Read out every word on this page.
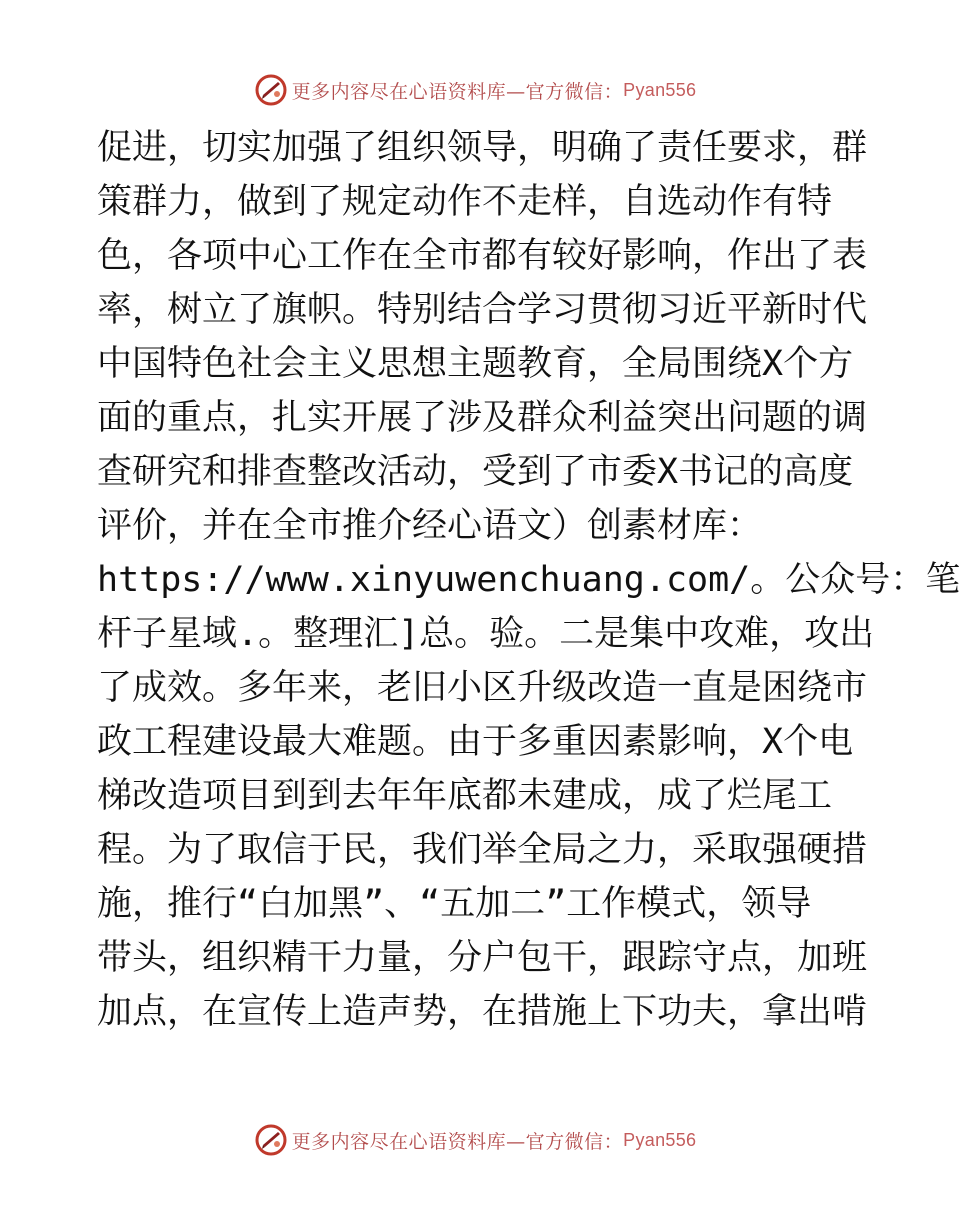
更多内容尽在心语资料库—官方微信： Pyan556
促进，切实加强了组织领导，明确了责任要求，群
策群力，做到了规定动作不走样，自选动作有特
色，各项中心工作在全市都有较好影响，作出了表
率，树立了旗帜。特别结合学习贯彻习近平新时代
中国特色社会主义思想主题教育，全局围绕X个方
面的重点，扎实开展了涉及群众利益突出问题的调
查研究和排查整改活动，受到了市委X书记的高度
评价，并在全市推介经心语文）创素材库：
https://www.xinyuwenchuang.com/。公众号：笔
杆子星域.。整理汇]总。验。二是集中攻难，攻出
了成效。多年来，老旧小区升级改造一直是困绕市
政工程建设最大难题。由于多重因素影响，X个电
梯改造项目到到去年年底都未建成，成了烂尾工
程。为了取信于民，我们举全局之力，采取强硬措
施，推行“白加黑”、“五加二”工作模式，领导
带头，组织精干力量，分户包干，跟踪守点，加班
加点，在宣传上造声势，在措施上下功夫，拿出啃
更多内容尽在心语资料库—官方微信： Pyan556
